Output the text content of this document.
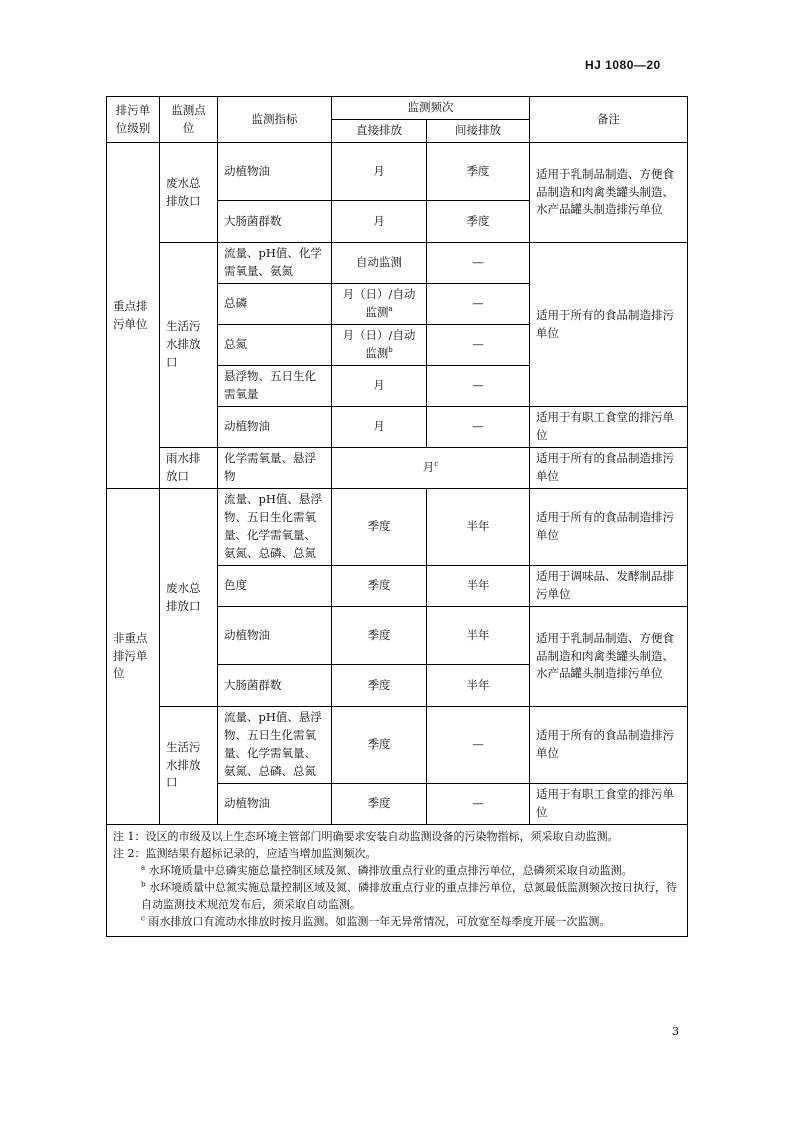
HJ 1080—20
排污单位级别	监测点位	监测指标	监测频次		备注
			直接排放	间接排放	
重点排污单位	废水总排放口	动植物油	月	季度	适用于乳制品制造、方便食品制造和肉禽类罐头制造、水产品罐头制造排污单位
		大肠菌群数	月	季度	
	生活污水排放口	流量、pH值、化学需氧量、氨氮	自动监测	—	适用于所有的食品制造排污单位
		总磷	月（日）/自动监测$^a$	—	
		总氮	月（日）/自动监测$^b$	—	
		悬浮物、五日生化需氧量	月	—	
		动植物油	月	—	适用于有职工食堂的排污单位
	雨水排放口	化学需氧量、悬浮物	月$^c$		适用于所有的食品制造排污单位
非重点排污单位	废水总排放口	流量、pH值、悬浮物、五日生化需氧量、化学需氧量、氨氮、总磷、总氮	季度	半年	适用于所有的食品制造排污单位
		色度	季度	半年	适用于调味品、发酵制品排污单位
		动植物油	季度	半年	适用于乳制品制造、方便食品制造和肉禽类罐头制造、水产品罐头制造排污单位
		大肠菌群数	季度	半年	
	生活污水排放口	流量、pH值、悬浮物、五日生化需氧量、化学需氧量、氨氮、总磷、总氮	季度	—	适用于所有的食品制造排污单位
		动植物油	季度	—	适用于有职工食堂的排污单位

注 1：设区的市级及以上生态环境主管部门明确要求安装自动监测设备的污染物指标，须采取自动监测。
注 2：监测结果有超标记录的，应适当增加监测频次。
$^a$ 水环境质量中总磷实施总量控制区域及氮、磷排放重点行业的重点排污单位，总磷须采取自动监测。
$^b$ 水环境质量中总氮实施总量控制区域及氮、磷排放重点行业的重点排污单位，总氮最低监测频次按日执行，待自动监测技术规范发布后，须采取自动监测。
$^c$ 雨水排放口有流动水排放时按月监测。如监测一年无异常情况，可放宽至每季度开展一次监测。					
3
